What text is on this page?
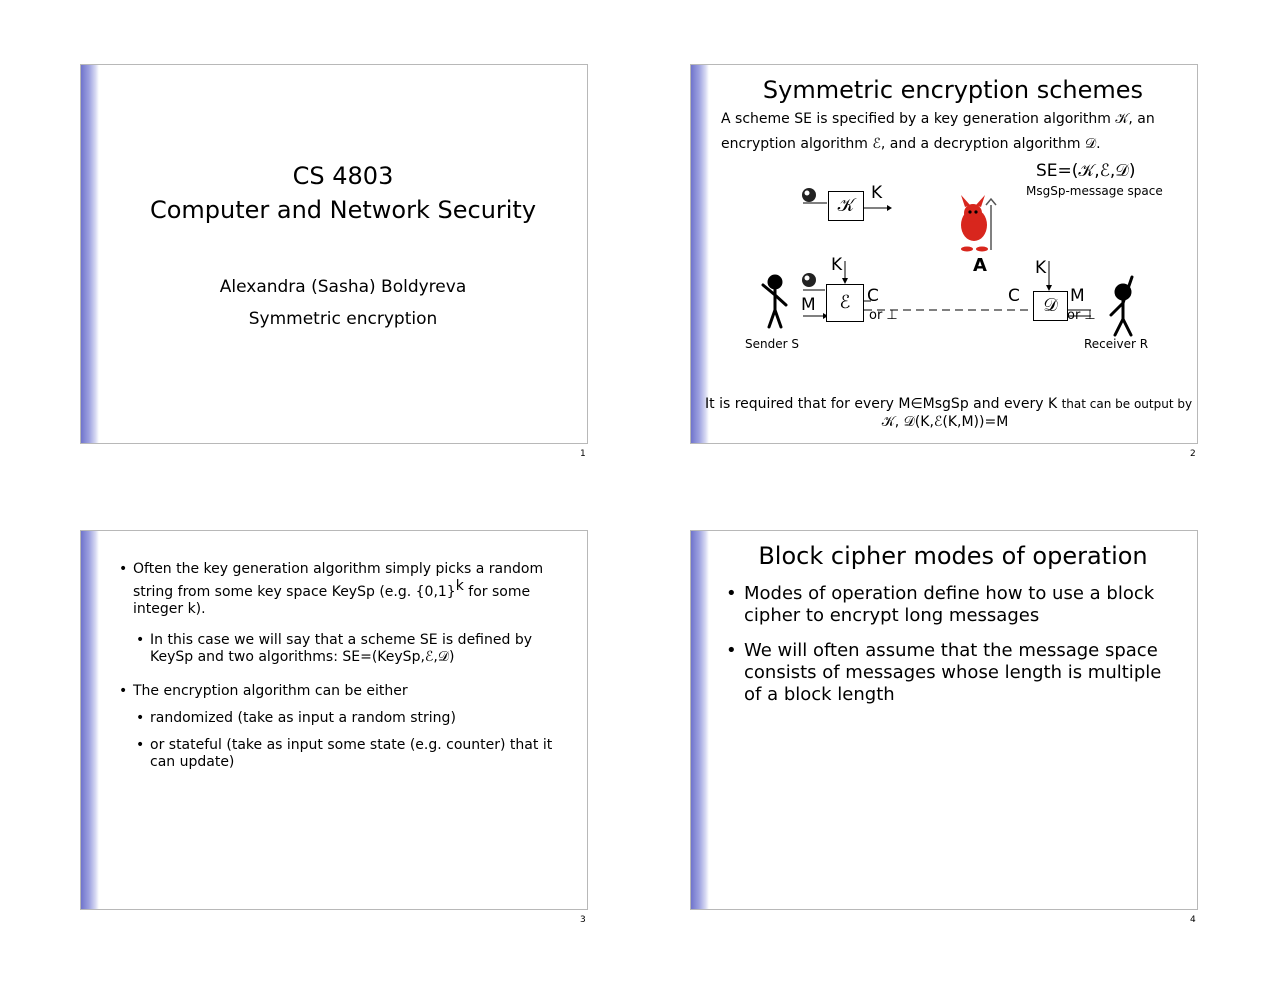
CS 4803
Computer and Network Security
Alexandra (Sasha) Boldyreva
Symmetric encryption
1
Symmetric encryption schemes
A scheme SE is specified by a key generation algorithm 𝒦, an
encryption algorithm ℰ, and a decryption algorithm 𝒟.
SE=(𝒦,ℰ,𝒟)
MsgSp-message space
𝒦
K
ℰ
K
M	C
or ⊥	𝒟
K
C	M
or ⊥
A
Sender S	Receiver R
It is required that for every M∈MsgSp and every K that can be output by
𝒦, 𝒟(K,ℰ(K,M))=M
2
• Often the key generation algorithm simply picks a random
string from some key space KeySp (e.g. $\{0,1\}^k$ for some
integer k).
• In this case we will say that a scheme SE is defined by
KeySp and two algorithms: SE=(KeySp,ℰ,𝒟)
• The encryption algorithm can be either
• randomized (take as input a random string)
• or stateful (take as input some state (e.g. counter) that it
can update)
3
Block cipher modes of operation
• Modes of operation define how to use a block
cipher to encrypt long messages
• We will often assume that the message space
consists of messages whose length is multiple
of a block length
4
